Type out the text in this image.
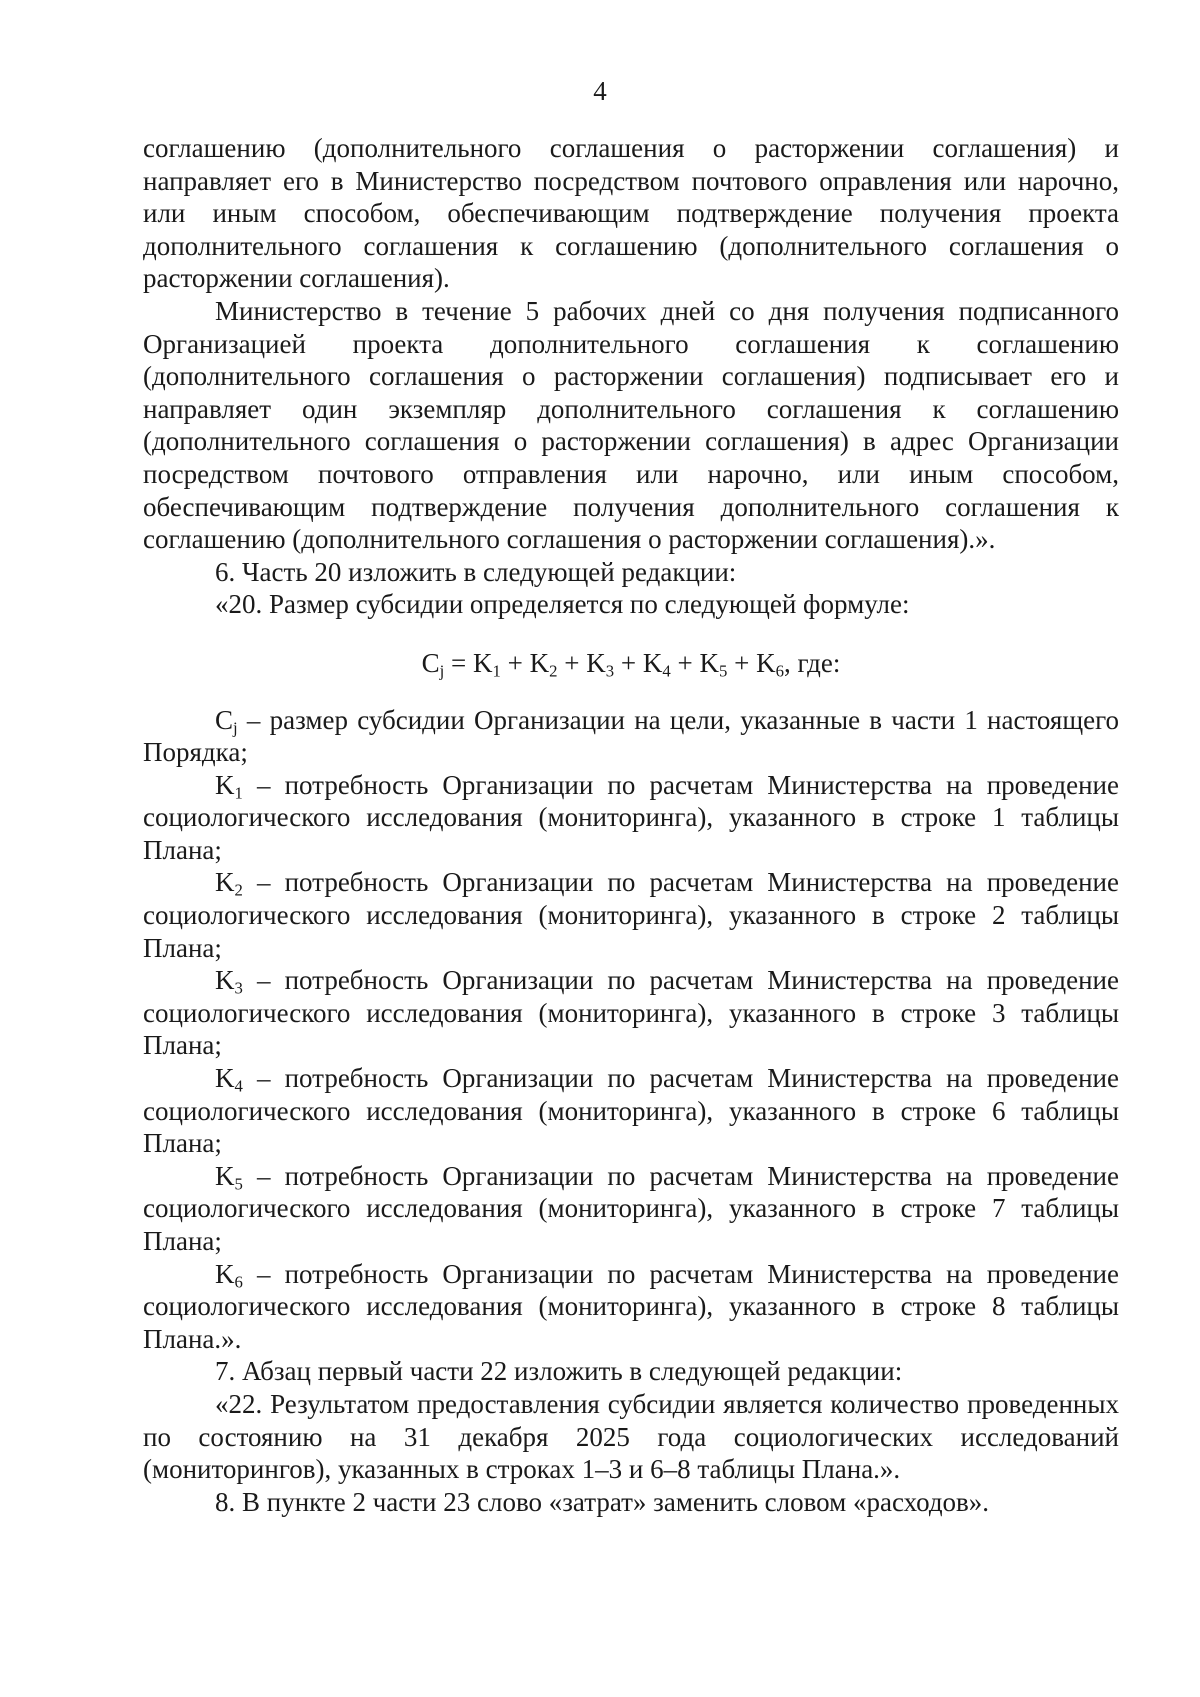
4

соглашению (дополнительного соглашения о расторжении соглашения) и направляет его в Министерство посредством почтового оправления или нарочно, или иным способом, обеспечивающим подтверждение получения проекта дополнительного соглашения к соглашению (дополнительного соглашения о расторжении соглашения).

Министерство в течение 5 рабочих дней со дня получения подписанного Организацией проекта дополнительного соглашения к соглашению (дополнительного соглашения о расторжении соглашения) подписывает его и направляет один экземпляр дополнительного соглашения к соглашению (дополнительного соглашения о расторжении соглашения) в адрес Организации посредством почтового отправления или нарочно, или иным способом, обеспечивающим подтверждение получения дополнительного соглашения к соглашению (дополнительного соглашения о расторжении соглашения).».

6. Часть 20 изложить в следующей редакции:

«20. Размер субсидии определяется по следующей формуле:

$C_j = K_1 + K_2 + K_3 + K_4 + K_5 + K_6$, где:

$C_j$ – размер субсидии Организации на цели, указанные в части 1 настоящего Порядка;

$K_1$ – потребность Организации по расчетам Министерства на проведение социологического исследования (мониторинга), указанного в строке 1 таблицы Плана;

$K_2$ – потребность Организации по расчетам Министерства на проведение социологического исследования (мониторинга), указанного в строке 2 таблицы Плана;

$K_3$ – потребность Организации по расчетам Министерства на проведение социологического исследования (мониторинга), указанного в строке 3 таблицы Плана;

$K_4$ – потребность Организации по расчетам Министерства на проведение социологического исследования (мониторинга), указанного в строке 6 таблицы Плана;

$K_5$ – потребность Организации по расчетам Министерства на проведение социологического исследования (мониторинга), указанного в строке 7 таблицы Плана;

$K_6$ – потребность Организации по расчетам Министерства на проведение социологического исследования (мониторинга), указанного в строке 8 таблицы Плана.».

7. Абзац первый части 22 изложить в следующей редакции:

«22. Результатом предоставления субсидии является количество проведенных по состоянию на 31 декабря 2025 года социологических исследований (мониторингов), указанных в строках 1–3 и 6–8 таблицы Плана.».

8. В пункте 2 части 23 слово «затрат» заменить словом «расходов».
